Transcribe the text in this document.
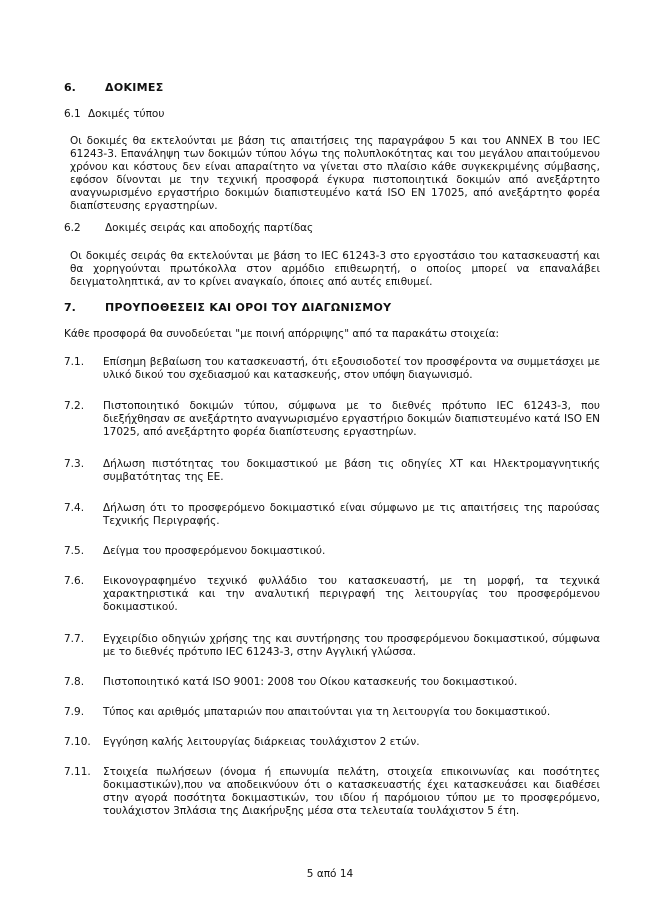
6.	ΔΟΚΙΜΕΣ
6.1 Δοκιμές τύπου
Οι δοκιμές θα εκτελούνται με βάση τις απαιτήσεις της παραγράφου 5 και του ANNEX B του IEC 61243-3. Επανάληψη των δοκιμών τύπου λόγω της πολυπλοκότητας και του μεγάλου απαιτούμενου χρόνου και κόστους δεν είναι απαραίτητο να γίνεται στο πλαίσιο κάθε συγκεκριμένης σύμβασης, εφόσον δίνονται με την τεχνική προσφορά έγκυρα πιστοποιητικά δοκιμών από ανεξάρτητο αναγνωρισμένο εργαστήριο δοκιμών διαπιστευμένο κατά ISO EN 17025, από ανεξάρτητο φορέα διαπίστευσης εργαστηρίων.
6.2 Δοκιμές σειράς και αποδοχής παρτίδας
Οι δοκιμές σειράς θα εκτελούνται με βάση το IEC 61243-3 στο εργοστάσιο του κατασκευαστή και θα χορηγούνται πρωτόκολλα στον αρμόδιο επιθεωρητή, ο οποίος μπορεί να επαναλάβει δειγματοληπτικά, αν το κρίνει αναγκαίο, όποιες από αυτές επιθυμεί.
7.	ΠΡΟΥΠΟΘΕΣΕΙΣ ΚΑΙ ΟΡΟΙ ΤΟΥ ΔΙΑΓΩΝΙΣΜΟΥ
Κάθε προσφορά θα συνοδεύεται "με ποινή απόρριψης" από τα παρακάτω στοιχεία:
7.1. Επίσημη βεβαίωση του κατασκευαστή, ότι εξουσιοδοτεί τον προσφέροντα να συμμετάσχει με υλικό δικού του σχεδιασμού και κατασκευής, στον υπόψη διαγωνισμό.
7.2. Πιστοποιητικό δοκιμών τύπου, σύμφωνα με το διεθνές πρότυπο IEC 61243-3, που διεξήχθησαν σε ανεξάρτητο αναγνωρισμένο εργαστήριο δοκιμών διαπιστευμένο κατά ISO EN 17025, από ανεξάρτητο φορέα διαπίστευσης εργαστηρίων.
7.3. Δήλωση πιστότητας του δοκιμαστικού με βάση τις οδηγίες ΧΤ και Ηλεκτρομαγνητικής συμβατότητας της ΕΕ.
7.4. Δήλωση ότι το προσφερόμενο δοκιμαστικό είναι σύμφωνο με τις απαιτήσεις της παρούσας Τεχνικής Περιγραφής.
7.5. Δείγμα του προσφερόμενου δοκιμαστικού.
7.6. Εικονογραφημένο τεχνικό φυλλάδιο του κατασκευαστή, με τη μορφή, τα τεχνικά χαρακτηριστικά και την αναλυτική περιγραφή της λειτουργίας του προσφερόμενου δοκιμαστικού.
7.7. Εγχειρίδιο οδηγιών χρήσης της και συντήρησης του προσφερόμενου δοκιμαστικού, σύμφωνα με το διεθνές πρότυπο IEC 61243-3, στην Αγγλική γλώσσα.
7.8. Πιστοποιητικό κατά ISO 9001: 2008 του Οίκου κατασκευής του δοκιμαστικού.
7.9. Τύπος και αριθμός μπαταριών που απαιτούνται για τη λειτουργία του δοκιμαστικού.
7.10. Εγγύηση καλής λειτουργίας διάρκειας τουλάχιστον 2 ετών.
7.11. Στοιχεία πωλήσεων (όνομα ή επωνυμία πελάτη, στοιχεία επικοινωνίας και ποσότητες δοκιμαστικών),που να αποδεικνύουν ότι ο κατασκευαστής έχει κατασκευάσει και διαθέσει στην αγορά ποσότητα δοκιμαστικών, του ιδίου ή παρόμοιου τύπου με το προσφερόμενο, τουλάχιστον 3πλάσια της Διακήρυξης μέσα στα τελευταία τουλάχιστον 5 έτη.
5 από 14
